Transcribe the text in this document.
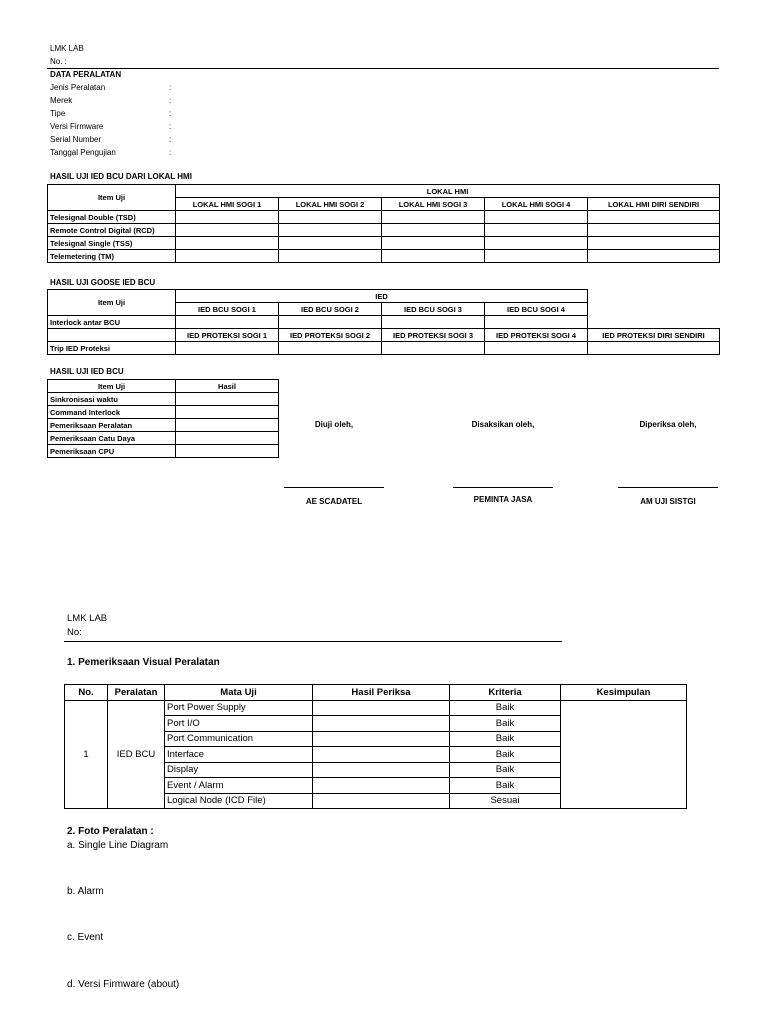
LMK LAB
No. :
DATA PERALATAN
Jenis Peralatan	:
Merek	:
Tipe	:
Versi Firmware	:
Serial Number	:
Tanggal Pengujian	:
HASIL UJI IED BCU DARI LOKAL HMI
Item Uji	LOKAL HMI				
	LOKAL HMI SOGI 1	LOKAL HMI SOGI 2	LOKAL HMI SOGI 3	LOKAL HMI SOGI 4	LOKAL HMI DIRI SENDIRI
Telesignal Double (TSD)					
Remote Control Digital (RCD)					
Telesignal Single (TSS)					
Telemetering (TM)					
HASIL UJI GOOSE IED BCU
Item Uji	IED				
	IED BCU SOGI 1	IED BCU SOGI 2	IED BCU SOGI 3	IED BCU SOGI 4	
Interlock antar BCU					
	IED PROTEKSI SOGI 1	IED PROTEKSI SOGI 2	IED PROTEKSI SOGI 3	IED PROTEKSI SOGI 4	IED PROTEKSI DIRI SENDIRI
Trip IED Proteksi					
HASIL UJI IED BCU
Item Uji	Hasil
Sinkronisasi waktu	
Command Interlock	
Pemeriksaan Peralatan	
Pemeriksaan Catu Daya	
Pemeriksaan CPU	
Diuji oleh,
AE SCADATEL
Disaksikan oleh,
PEMINTA JASA
Diperiksa oleh,
AM UJI SISTGI
LMK LAB
No:
1. Pemeriksaan Visual Peralatan
No.	Peralatan	Mata Uji	Hasil Periksa	Kriteria	Kesimpulan
1	IED BCU	Port Power Supply		Baik	
		Port I/O		Baik	
		Port Communication		Baik	
		Interface		Baik	
		Display		Baik	
		Event / Alarm		Baik	
		Logical Node (ICD File)		Sesuai	
2. Foto Peralatan :
a. Single Line Diagram
b. Alarm
c. Event
d. Versi Firmware (about)
